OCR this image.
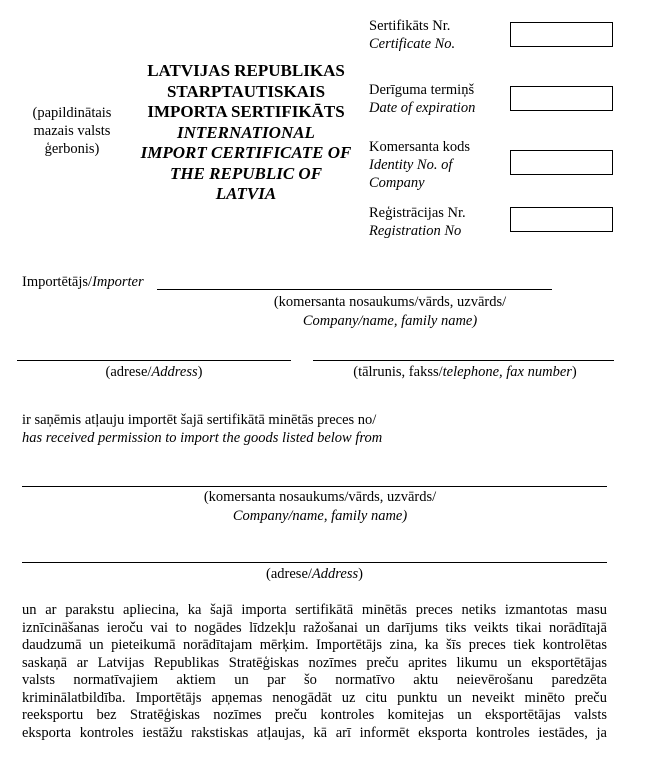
(papildinātais
mazais valsts
ģerbonis)
LATVIJAS REPUBLIKAS
STARPTAUTISKAIS
IMPORTA SERTIFIKĀTS
INTERNATIONAL
IMPORT CERTIFICATE OF
THE REPUBLIC OF
LATVIA
Sertifikāts Nr.
Certificate No.
Derīguma termiņš
Date of expiration
Komersanta kods
Identity No. of
Company
Reģistrācijas Nr.
Registration No
Importētājs/Importer
(komersanta nosaukums/vārds, uzvārds/
Company/name, family name)
(adrese/Address)	(tālrunis, fakss/telephone, fax number)
ir saņēmis atļauju importēt šajā sertifikātā minētās preces no/
has received permission to import the goods listed below from
(komersanta nosaukums/vārds, uzvārds/
Company/name, family name)
(adrese/Address)
un ar parakstu apliecina, ka šajā importa sertifikātā minētās preces netiks izmantotas masu
iznīcināšanas ieroču vai to nogādes līdzekļu ražošanai un darījums tiks veikts tikai norādītajā
daudzumā un pieteikumā norādītajam mērķim. Importētājs zina, ka šīs preces tiek kontrolētas
saskaņā ar Latvijas Republikas Stratēģiskas nozīmes preču aprites likumu un eksportētājas
valsts normatīvajiem aktiem un par šo normatīvo aktu neievērošanu paredzēta
kriminālatbildība. Importētājs apņemas nenogādāt uz citu punktu un neveikt minēto preču
reeksportu bez Stratēģiskas nozīmes preču kontroles komitejas un eksportētājas valsts
eksporta kontroles iestāžu rakstiskas atļaujas, kā arī informēt eksporta kontroles iestādes, ja
